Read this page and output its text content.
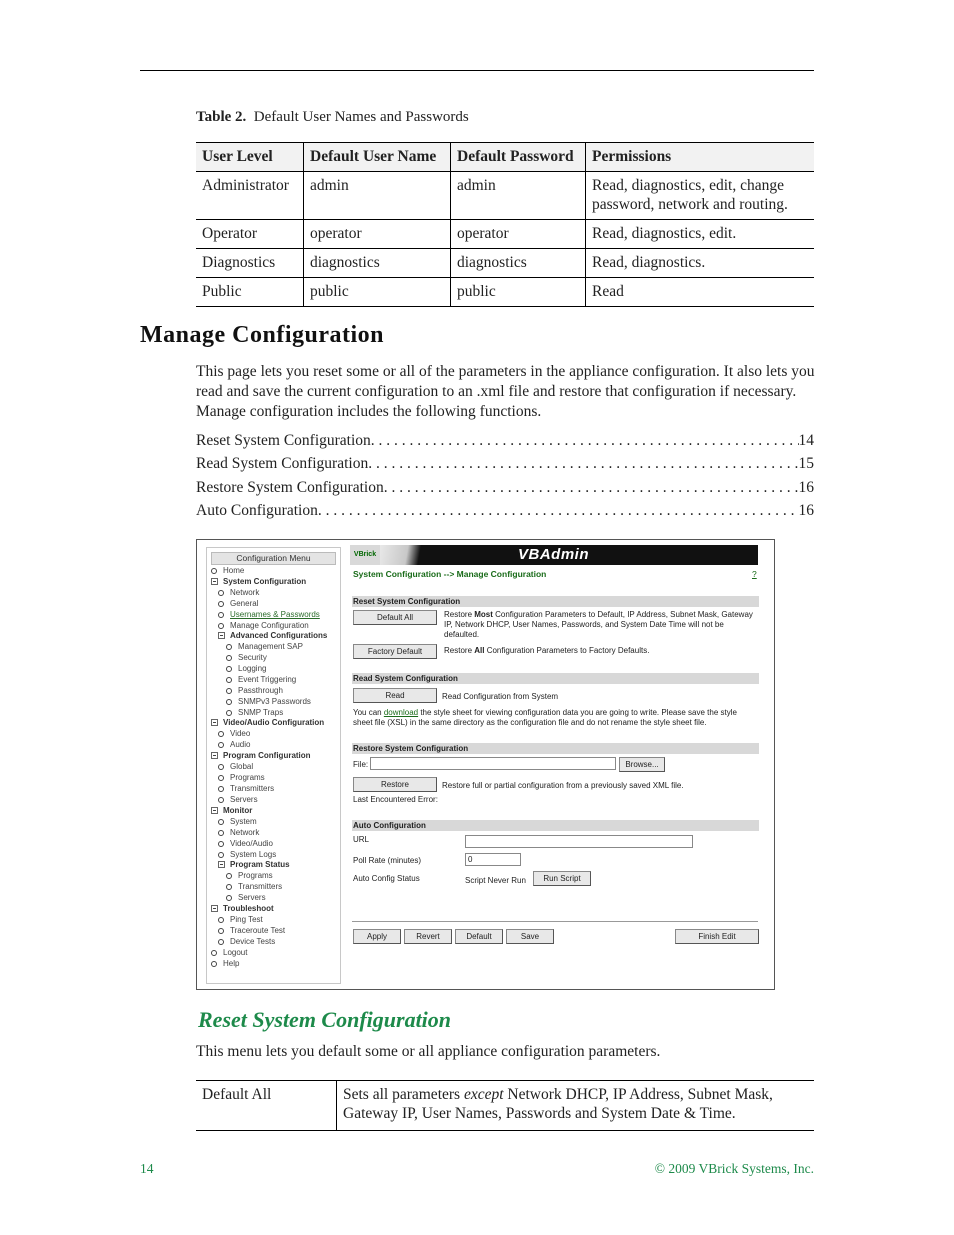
Table 2. Default User Names and Passwords
User Level	Default User Name	Default Password	Permissions
Administrator	admin	admin	Read, diagnostics, edit, change password, network and routing.
Operator	operator	operator	Read, diagnostics, edit.
Diagnostics	diagnostics	diagnostics	Read, diagnostics.
Public	public	public	Read
Manage Configuration
This page lets you reset some or all of the parameters in the appliance configuration. It also lets you read and save the current configuration to an .xml file and restore that configuration if necessary. Manage configuration includes the following functions.
Reset System Configuration . . .	14
Read System Configuration . . .	15
Restore System Configuration . . .	16
Auto Configuration . . .	16
Configuration Menu
Home
System Configuration
Network
General
Usernames & Passwords
Manage Configuration
Advanced Configurations
Management SAP
Security
Logging
Event Triggering
Passthrough
SNMPv3 Passwords
SNMP Traps
Video/Audio Configuration
Video
Audio
Program Configuration
Global
Programs
Transmitters
Servers
Monitor
System
Network
Video/Audio
System Logs
Program Status
Programs
Transmitters
Servers
Troubleshoot
Ping Test
Traceroute Test
Device Tests
Logout
Help
VBrick	VBAdmin
System Configuration --> Manage Configuration	?
Reset System Configuration
Default All	Restore Most Configuration Parameters to Default, IP Address, Subnet Mask, Gateway IP, Network DHCP, User Names, Passwords, and System Date Time will not be defaulted.
Factory Default	Restore All Configuration Parameters to Factory Defaults.
Read System Configuration
Read	Read Configuration from System
You can download the style sheet for viewing configuration data you are going to write. Please save the style sheet file (XSL) in the same directory as the configuration file and do not rename the style sheet file.
Restore System Configuration
File:	Browse...
Restore	Restore full or partial configuration from a previously saved XML file.
Last Encountered Error:
Auto Configuration
URL
Poll Rate (minutes)	0
Auto Config Status	Script Never Run	Run Script
Apply	Revert	Default	Save	Finish Edit
Reset System Configuration
This menu lets you default some or all appliance configuration parameters.
Default All	Sets all parameters except Network DHCP, IP Address, Subnet Mask, Gateway IP, User Names, Passwords and System Date & Time.
14	© 2009 VBrick Systems, Inc.
